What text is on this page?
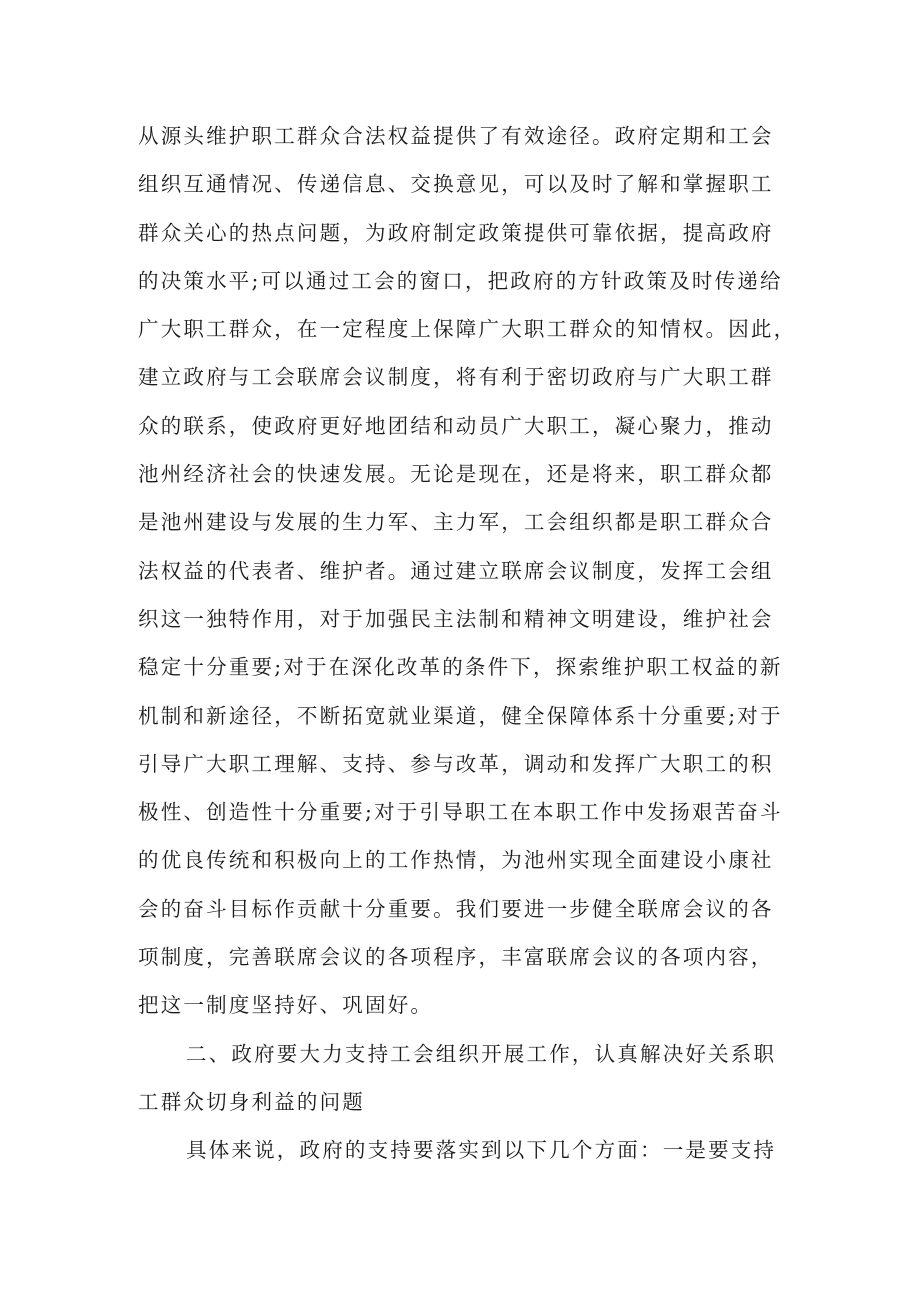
从源头维护职工群众合法权益提供了有效途径。政府定期和工会
组织互通情况、传递信息、交换意见，可以及时了解和掌握职工
群众关心的热点问题，为政府制定政策提供可靠依据，提高政府
的决策水平;可以通过工会的窗口，把政府的方针政策及时传递给
广大职工群众，在一定程度上保障广大职工群众的知情权。因此，
建立政府与工会联席会议制度，将有利于密切政府与广大职工群
众的联系，使政府更好地团结和动员广大职工，凝心聚力，推动
池州经济社会的快速发展。无论是现在，还是将来，职工群众都
是池州建设与发展的生力军、主力军，工会组织都是职工群众合
法权益的代表者、维护者。通过建立联席会议制度，发挥工会组
织这一独特作用，对于加强民主法制和精神文明建设，维护社会
稳定十分重要;对于在深化改革的条件下，探索维护职工权益的新
机制和新途径，不断拓宽就业渠道，健全保障体系十分重要;对于
引导广大职工理解、支持、参与改革，调动和发挥广大职工的积
极性、创造性十分重要;对于引导职工在本职工作中发扬艰苦奋斗
的优良传统和积极向上的工作热情，为池州实现全面建设小康社
会的奋斗目标作贡献十分重要。我们要进一步健全联席会议的各
项制度，完善联席会议的各项程序，丰富联席会议的各项内容，
把这一制度坚持好、巩固好。
二、政府要大力支持工会组织开展工作，认真解决好关系职
工群众切身利益的问题
具体来说，政府的支持要落实到以下几个方面：一是要支持
